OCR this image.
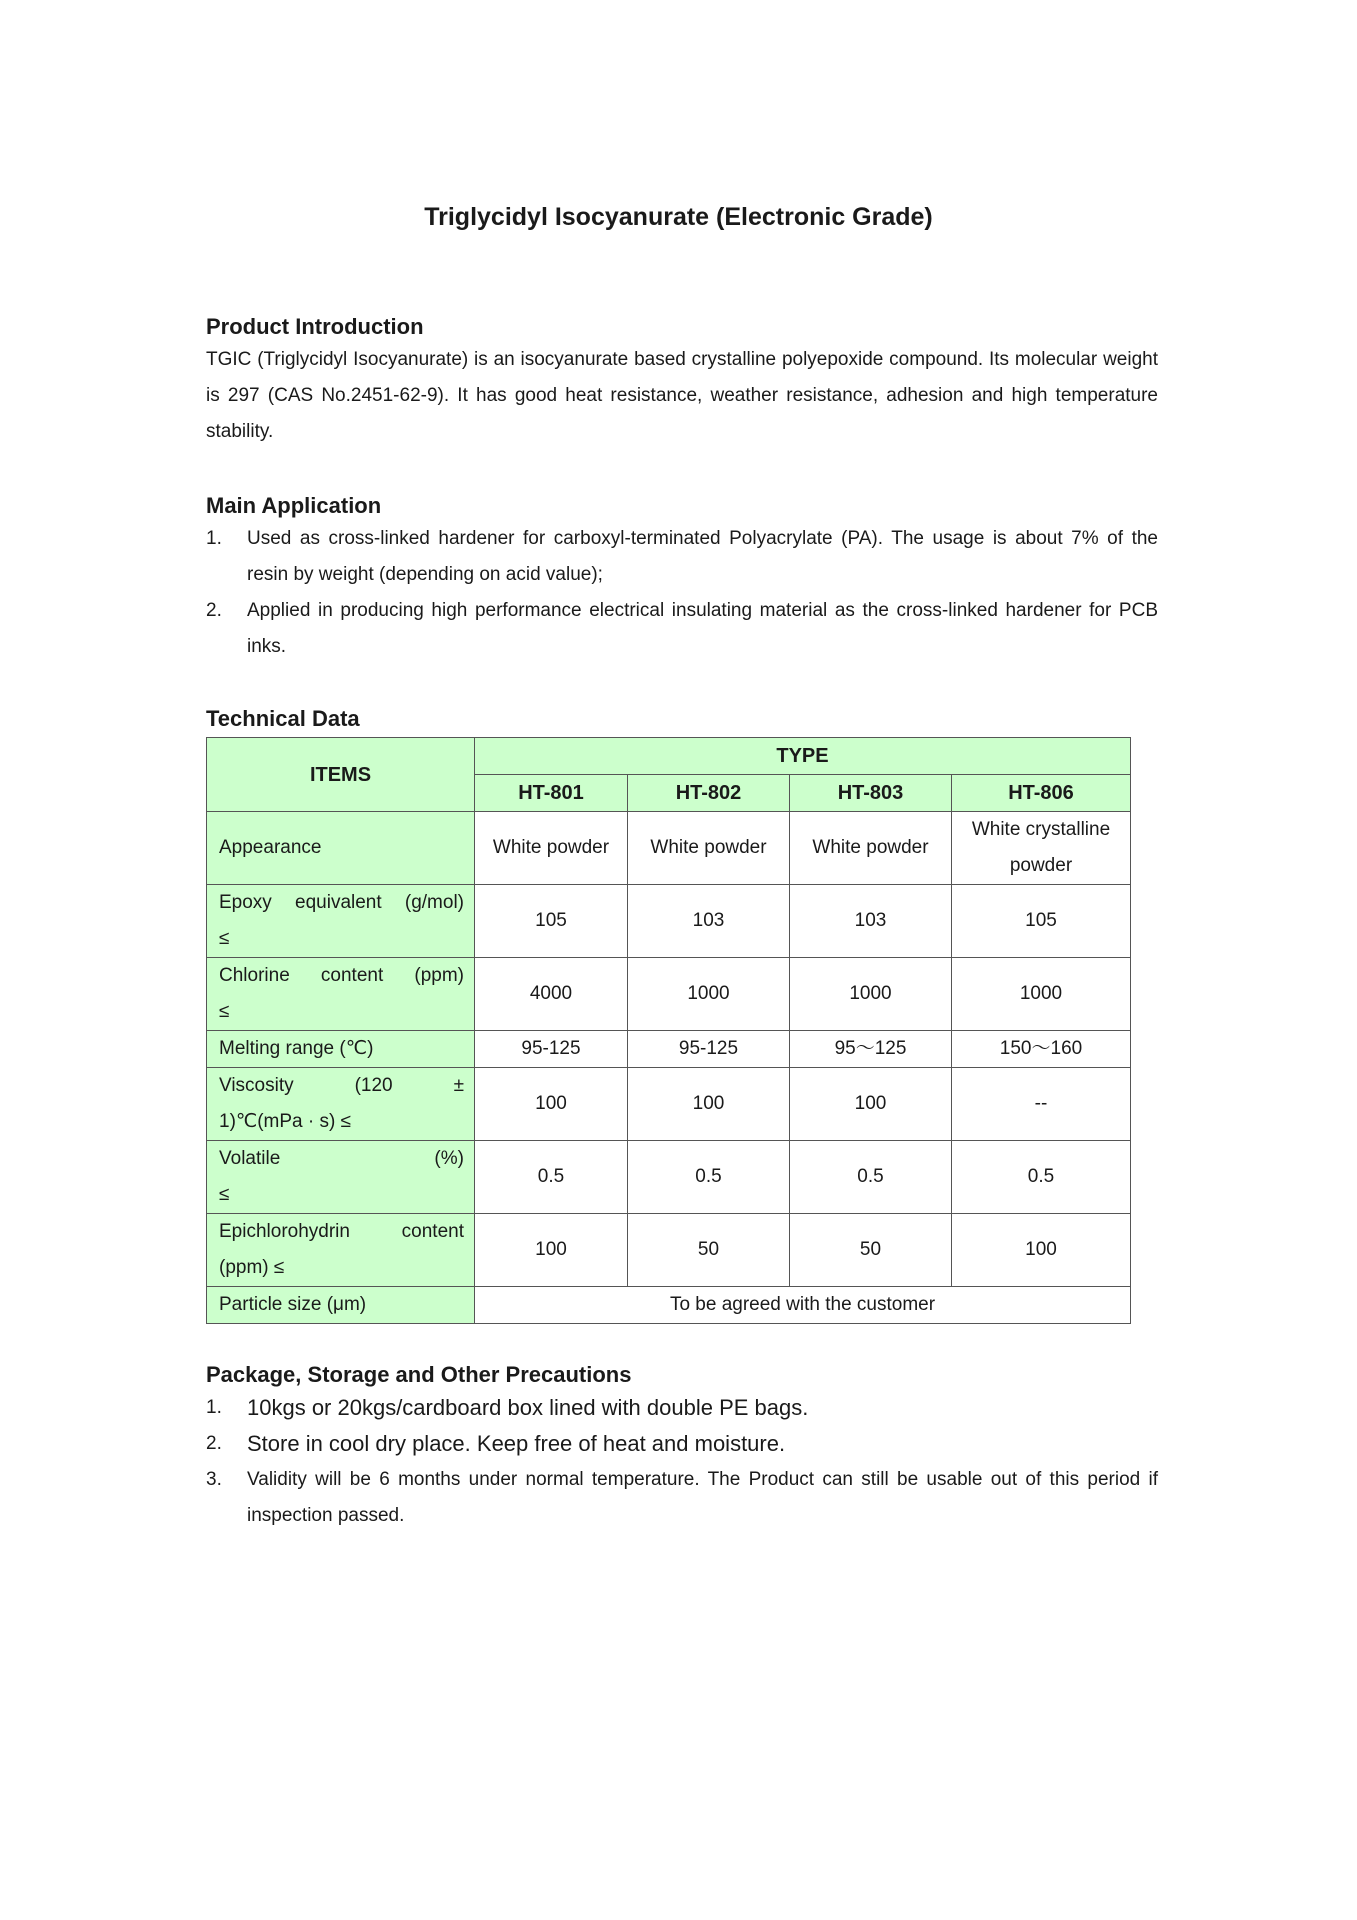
Triglycidyl Isocyanurate (Electronic Grade)

Product Introduction

TGIC (Triglycidyl Isocyanurate) is an isocyanurate based crystalline polyepoxide compound. Its molecular weight is 297 (CAS No.2451-62-9). It has good heat resistance, weather resistance, adhesion and high temperature stability.

Main Application

1. Used as cross-linked hardener for carboxyl-terminated Polyacrylate (PA). The usage is about 7% of the resin by weight (depending on acid value);
2. Applied in producing high performance electrical insulating material as the cross-linked hardener for PCB inks.

Technical Data

ITEMS	TYPE			
	HT-801	HT-802	HT-803	HT-806
Appearance	White powder	White powder	White powder	White crystalline powder

Epoxy equivalent (g/mol)
≤	105	103	103	105

Chlorine content (ppm)
≤	4000	1000	1000	1000
Melting range (℃)	95-125	95-125	95～125	150～160

Viscosity (120 ±
1)℃(mPa · s) ≤	100	100	100	--

Volatile (%)
≤	0.5	0.5	0.5	0.5

Epichlorohydrin content
(ppm) ≤	100	50	50	100
Particle size (μm)	To be agreed with the customer			

Package, Storage and Other Precautions

1. 10kgs or 20kgs/cardboard box lined with double PE bags.
2. Store in cool dry place. Keep free of heat and moisture.
3. Validity will be 6 months under normal temperature. The Product can still be usable out of this period if inspection passed.
